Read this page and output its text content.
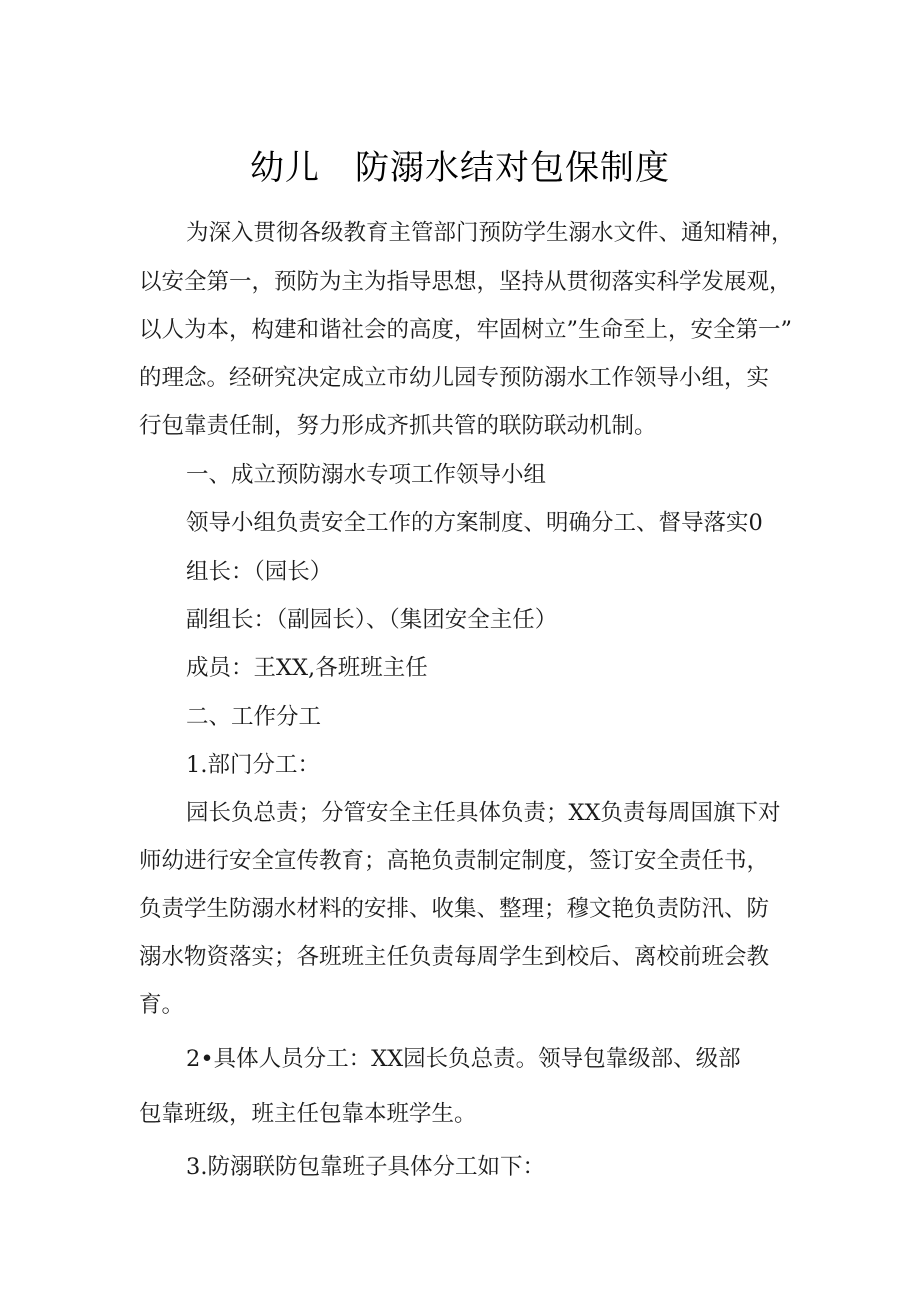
幼儿　防溺水结对包保制度
为深入贯彻各级教育主管部门预防学生溺水文件、通知精神，
以安全第一，预防为主为指导思想，坚持从贯彻落实科学发展观，
以人为本，构建和谐社会的高度，牢固树立”生命至上，安全第一”
的理念。经研究决定成立市幼儿园专预防溺水工作领导小组，实
行包靠责任制，努力形成齐抓共管的联防联动机制。
一、成立预防溺水专项工作领导小组
领导小组负责安全工作的方案制度、明确分工、督导落实0
组长：（园长）
副组长：（副园长）、（集团安全主任）
成员：王XX,各班班主任
二、工作分工
1.部门分工：
园长负总责；分管安全主任具体负责；XX负责每周国旗下对
师幼进行安全宣传教育；高艳负责制定制度，签订安全责任书，
负责学生防溺水材料的安排、收集、整理；穆文艳负责防汛、防
溺水物资落实；各班班主任负责每周学生到校后、离校前班会教
育。
2•具体人员分工：XX园长负总责。领导包靠级部、级部
包靠班级，班主任包靠本班学生。
3.防溺联防包靠班子具体分工如下：
